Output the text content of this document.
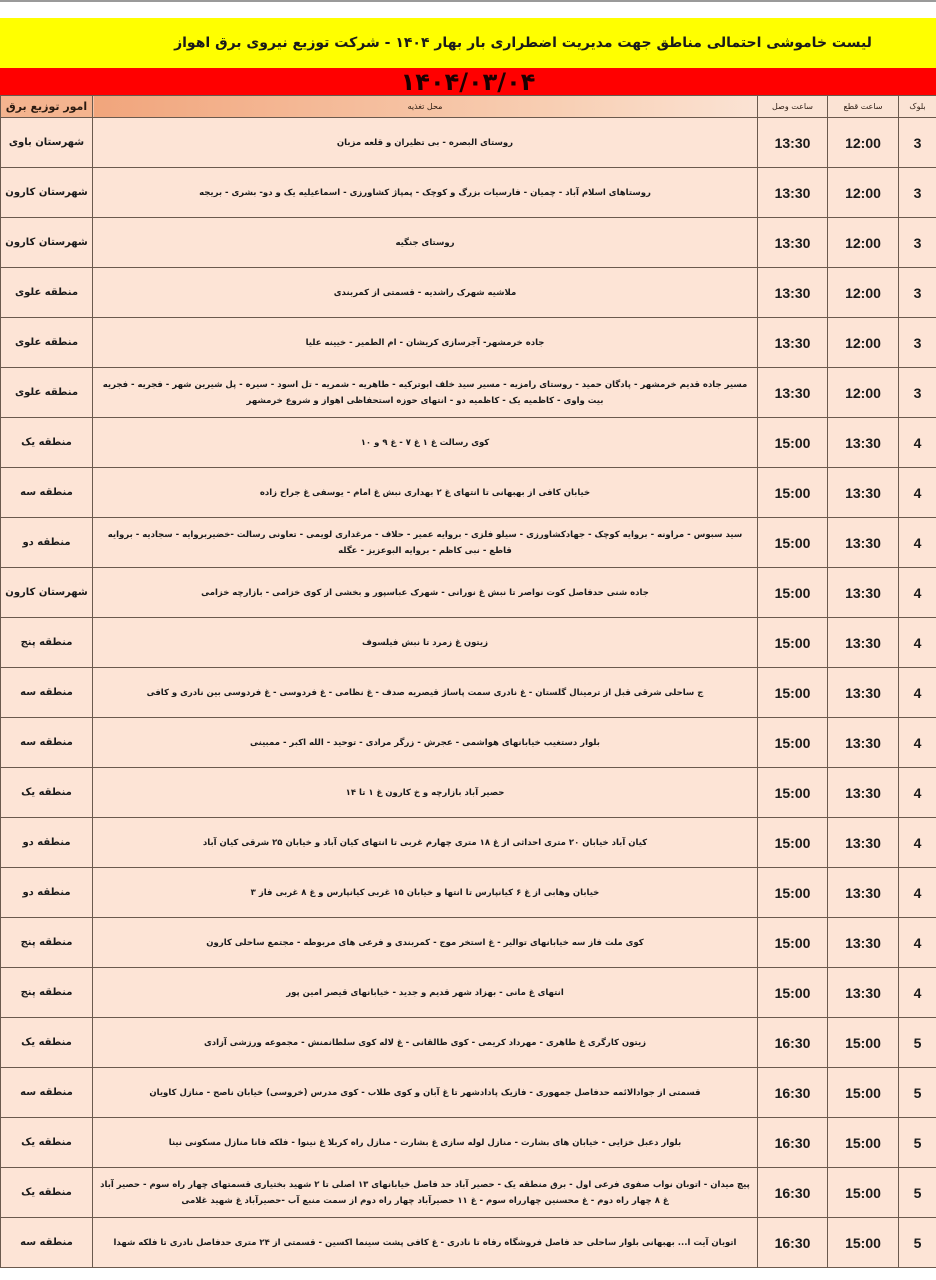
لیست خاموشی احتمالی مناطق جهت مدیریت اضطراری بار بهار ۱۴۰۴ - شرکت توزیع نیروی برق اهواز
۱۴۰۴/۰۳/۰۴
بلوک	ساعت قطع	ساعت وصل	محل تغذیه	امور توزیع برق
3	12:00	13:30	روستای البصره - بی تظیران و قلعه مزبان	شهرستان باوی
3	12:00	13:30	روستاهای اسلام آباد - چمیان - فارسیات بزرگ و کوچک - پمپاژ کشاورزی - اسماعیلیه یک و دو- بشری - بریجه	شهرستان کارون
3	12:00	13:30	روستای جنگیه	شهرستان کارون
3	12:00	13:30	ملاشیه شهرک راشدیه - قسمتی از کمربندی	منطقه علوی
3	12:00	13:30	جاده خرمشهر- آجرسازی کریشان - ام الطمیر - خیینه علیا	منطقه علوی
3	12:00	13:30	مسیر جاده قدیم خرمشهر - پادگان حمید - روستای رامزیه - مسیر سید خلف ابوترکیه - طاهریه - شمریه - تل اسود - سیره - پل شیرین شهر - فجریه - فجریه بیت واوی - کاظمیه یک - کاظمیه دو - انتهای حوزه استحفاظی اهواز و شروع خرمشهر	منطقه علوی
4	13:30	15:00	کوی رسالت غ ۱ غ ۷ - غ ۹ و ۱۰	منطقه یک
4	13:30	15:00	خیابان کافی از بهبهانی تا انتهای غ ۲ بهداری نبش غ امام - یوسفی غ جراح زاده	منطقه سه
4	13:30	15:00	سید سبوس - مراونه - بروایه کوچک - جهادکشاورزی - سیلو فلزی - بروایه عمیر - حلاف - مرغداری لویمی - تعاونی رسالت -خضیربروایه - سجادیه - بروایه قاطع - نبی کاظم - بروایه البوعزیز - عگله	منطقه دو
4	13:30	15:00	جاده شنی حدفاصل کوت نواصر تا نبش غ نورانی - شهرک عباسپور و بخشی از کوی خزامی - بازارچه خزامی	شهرستان کارون
4	13:30	15:00	زیتون غ زمرد تا نبش فیلسوف	منطقه پنج
4	13:30	15:00	ج ساحلی شرقی قبل از ترمینال گلستان - غ نادری سمت پاساژ قیصریه صدف - غ نظامی - غ فردوسی - غ فردوسی بین نادری و کافی	منطقه سه
4	13:30	15:00	بلوار دستغیب خیابانهای هواشمی - عجرش - زرگر مرادی - توحید - الله اکبر - ممبینی	منطقه سه
4	13:30	15:00	حصیر آباد بازارچه و خ کارون غ ۱ تا ۱۴	منطقه یک
4	13:30	15:00	کیان آباد خیابان ۲۰ متری احداثی از غ ۱۸ متری چهارم غربی تا انتهای کیان آباد و خیابان ۲۵ شرقی کیان آباد	منطقه دو
4	13:30	15:00	خیابان وهابی از غ ۶ کیانپارس تا انتها و خیابان ۱۵ غربی کیانپارس و غ ۸ غربی فاز ۳	منطقه دو
4	13:30	15:00	کوی ملت فاز سه خیابانهای توالیر - غ استخر موج - کمربندی و فرعی های مربوطه - مجتمع ساحلی کارون	منطقه پنج
4	13:30	15:00	انتهای غ مانی - بهزاد شهر قدیم و جدید - خیابانهای قیصر امین پور	منطقه پنج
5	15:00	16:30	زیتون کارگری غ طاهری - مهرداد کریمی - کوی طالقانی - غ لاله کوی سلطانمنش - مجموعه ورزشی آزادی	منطقه یک
5	15:00	16:30	قسمتی از جوادالائمه حدفاصل جمهوری - فازیک پادادشهر تا غ آبان و کوی طلاب - کوی مدرس (خروسی) خیابان ناصح - منازل کاویان	منطقه سه
5	15:00	16:30	بلوار دعبل خزایی - خیابان های بشارت - منازل لوله سازی غ بشارت - منازل راه کربلا غ نینوا - فلکه فانا منازل مسکونی نینا	منطقه یک
5	15:00	16:30	پیچ میدان - اتوبان نواب صفوی فرعی اول - برق منطقه یک - حصیر آباد حد فاصل خیابانهای ۱۳ اصلی تا ۲ شهید بختیاری قسمتهای چهار راه سوم - حصیر آباد غ ۸ چهار راه دوم - غ محسنین چهارراه سوم - غ ۱۱ حصیرآباد چهار راه دوم از سمت منبع آب -حصیرآباد غ شهید غلامی	منطقه یک
5	15:00	16:30	اتوبان آیت ا... بهبهانی بلوار ساحلی حد فاصل فروشگاه رفاه تا نادری - غ کافی پشت سینما اکسین - قسمتی از ۲۴ متری حدفاصل نادری تا فلکه شهدا	منطقه سه
